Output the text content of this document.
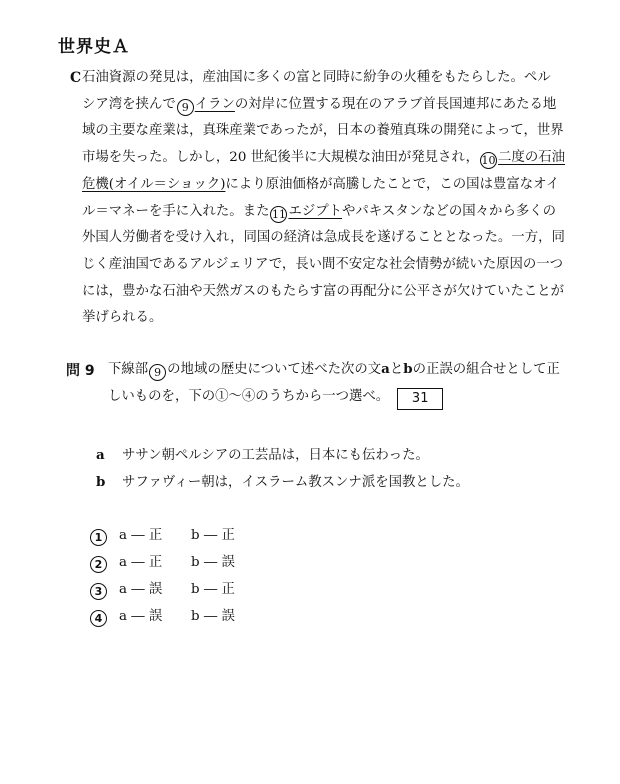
世界史Ａ
C 石油資源の発見は，産油国に多くの富と同時に紛争の火種をもたらした。ペル
シア湾を挟んで 9 イランの対岸に位置する現在のアラブ首長国連邦にあたる地
域の主要な産業は，真珠産業であったが，日本の養殖真珠の開発によって，世界
市場を失った。しかし，20 世紀後半に大規模な油田が発見され， 10 二度の石油
危機(オイル＝ショック)により原油価格が高騰したことで，この国は豊富なオイ
ル＝マネーを手に入れた。また 11 エジプトやパキスタンなどの国々から多くの
外国人労働者を受け入れ，同国の経済は急成長を遂げることとなった。一方，同
じく産油国であるアルジェリアで，長い間不安定な社会情勢が続いた原因の一つ
には，豊かな石油や天然ガスのもたらす富の再配分に公平さが欠けていたことが
挙げられる。
問 9 下線部 9 の地域の歴史について述べた次の文aとbの正誤の組合せとして正
しいものを，下の①～④のうちから一つ選べ。 31
a ササン朝ペルシアの工芸品は，日本にも伝わった。
b サファヴィー朝は，イスラーム教スンナ派を国教とした。
1 a ― 正 b ― 正
2 a ― 正 b ― 誤
3 a ― 誤 b ― 正
4 a ― 誤 b ― 誤
